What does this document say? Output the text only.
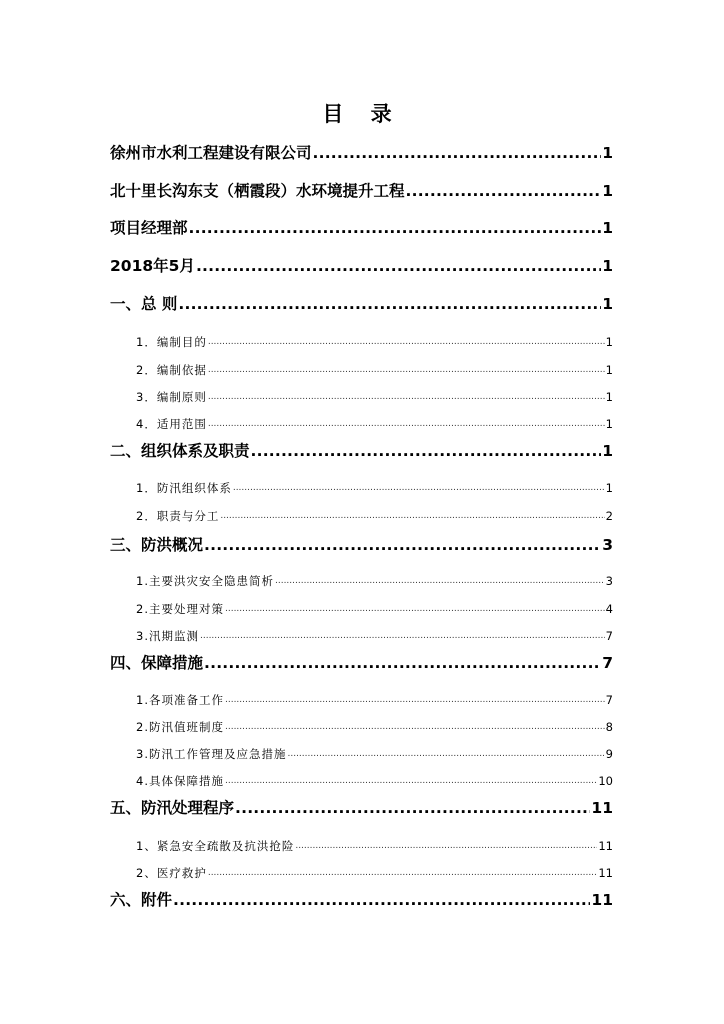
目 录
徐州市水利工程建设有限公司 .....	1
北十里长沟东支（栖霞段）水环境提升工程 .....	1
项目经理部 .....	1
2018年5月 .....	1
一、总 则 .....	1
1．编制目的 .....	1
2．编制依据 .....	1
3．编制原则 .....	1
4．适用范围 .....	1
二、组织体系及职责 .....	1
1．防汛组织体系 .....	1
2．职责与分工 .....	2
三、防洪概况 .....	3
1.主要洪灾安全隐患简析 .....	3
2.主要处理对策 .....	4
3.汛期监测 .....	7
四、保障措施 .....	7
1.各项准备工作 .....	7
2.防汛值班制度 .....	8
3.防汛工作管理及应急措施 .....	9
4.具体保障措施 .....	10
五、防汛处理程序 .....	11
1、紧急安全疏散及抗洪抢险 .....	11
2、医疗救护 .....	11
六、附件 .....	11
